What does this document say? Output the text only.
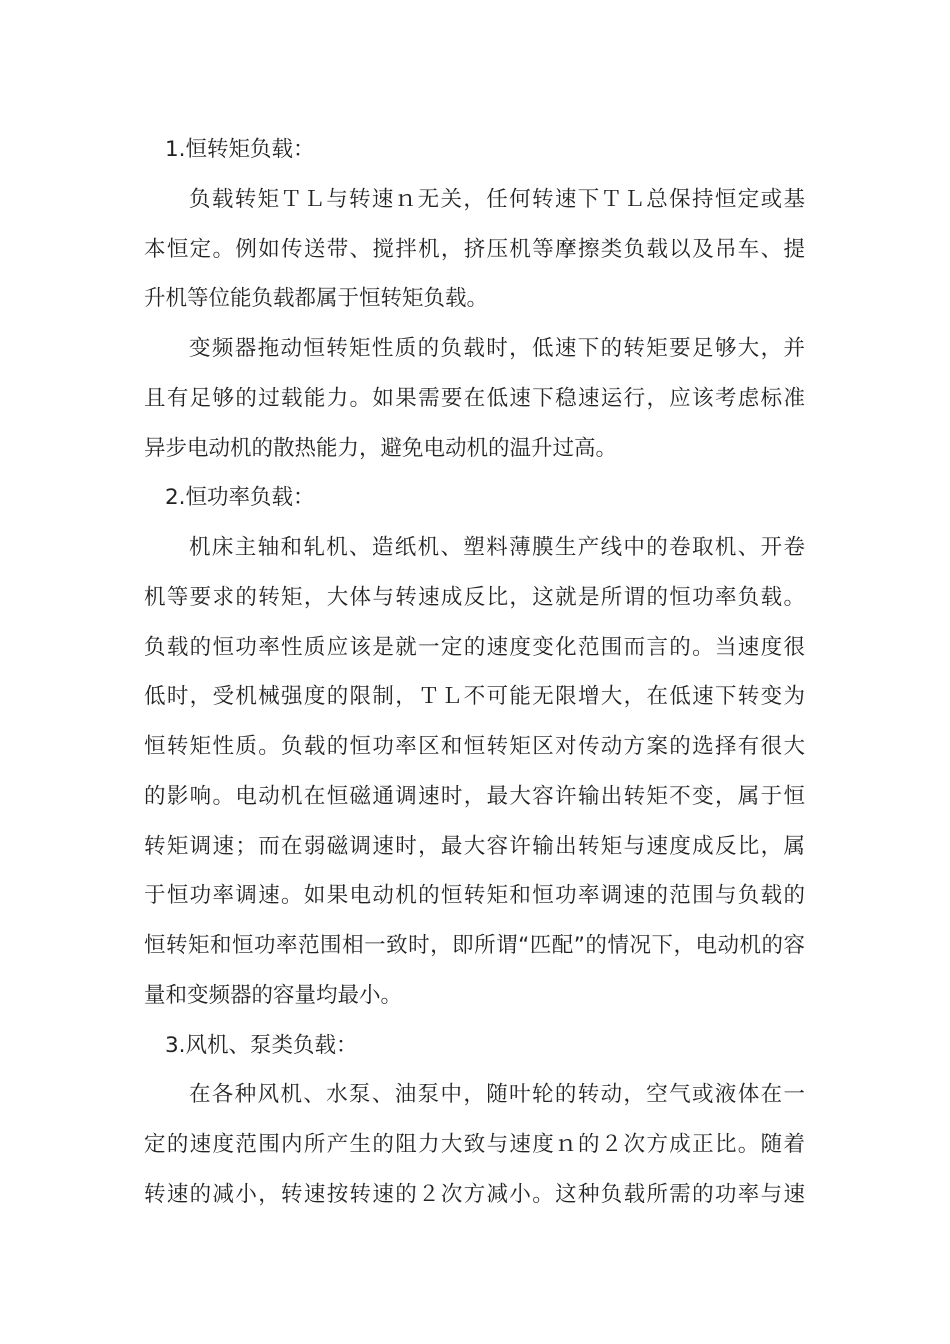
1.恒转矩负载：
负载转矩ＴＬ与转速ｎ无关，任何转速下ＴＬ总保持恒定或基
本恒定。例如传送带、搅拌机，挤压机等摩擦类负载以及吊车、提
升机等位能负载都属于恒转矩负载。
变频器拖动恒转矩性质的负载时，低速下的转矩要足够大，并
且有足够的过载能力。如果需要在低速下稳速运行，应该考虑标准
异步电动机的散热能力，避免电动机的温升过高。
2.恒功率负载：
机床主轴和轧机、造纸机、塑料薄膜生产线中的卷取机、开卷
机等要求的转矩，大体与转速成反比，这就是所谓的恒功率负载。
负载的恒功率性质应该是就一定的速度变化范围而言的。当速度很
低时，受机械强度的限制，ＴＬ不可能无限增大，在低速下转变为
恒转矩性质。负载的恒功率区和恒转矩区对传动方案的选择有很大
的影响。电动机在恒磁通调速时，最大容许输出转矩不变，属于恒
转矩调速；而在弱磁调速时，最大容许输出转矩与速度成反比，属
于恒功率调速。如果电动机的恒转矩和恒功率调速的范围与负载的
恒转矩和恒功率范围相一致时，即所谓“匹配”的情况下，电动机的容
量和变频器的容量均最小。
3.风机、泵类负载：
在各种风机、水泵、油泵中，随叶轮的转动，空气或液体在一
定的速度范围内所产生的阻力大致与速度ｎ的２次方成正比。随着
转速的减小，转速按转速的２次方减小。这种负载所需的功率与速
